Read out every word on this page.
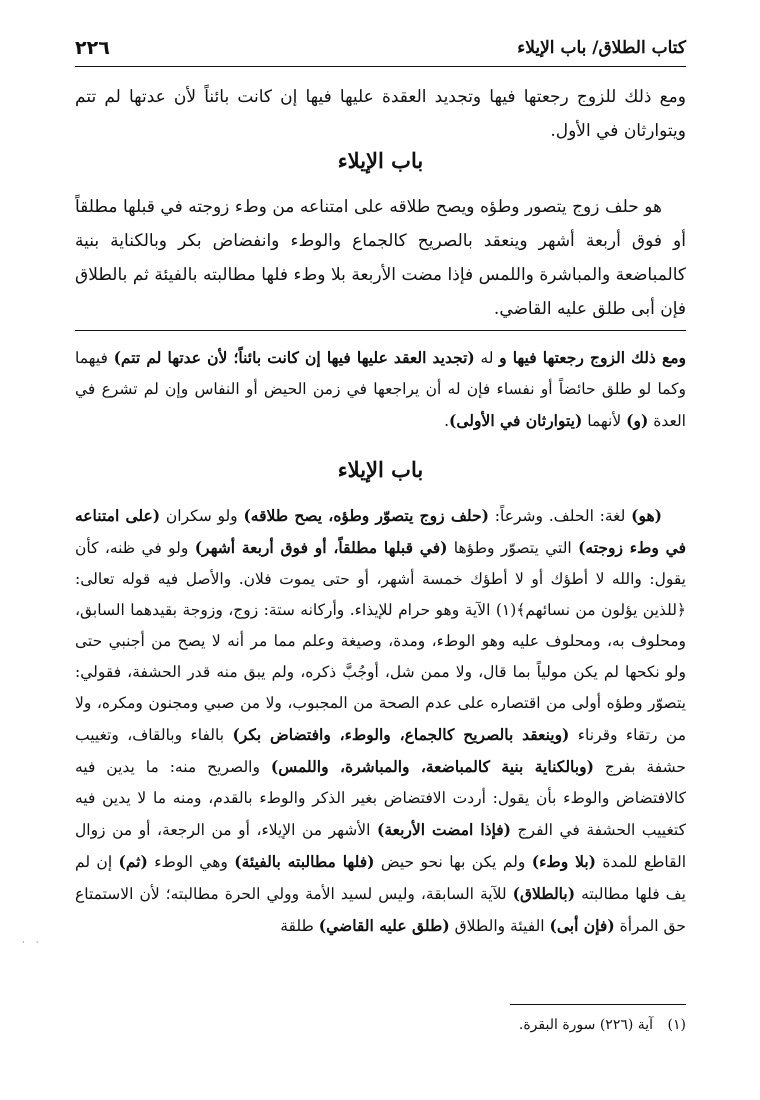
كتاب الطلاق/ باب الإيلاء
٢٢٦

ومع ذلك للزوج رجعتها فيها وتجديد العقدة عليها فيها إن كانت بائناً لأن عدتها لم تتم ويتوارثان في الأول.

باب الإيلاء

هو حلف زوج يتصور وطؤه ويصح طلاقه على امتناعه من وطء زوجته في قبلها مطلقاً أو فوق أربعة أشهر وينعقد بالصريح كالجماع والوطء وانفضاض بكر وبالكناية بنية كالمباضعة والمباشرة واللمس فإذا مضت الأربعة بلا وطء فلها مطالبته بالفيئة ثم بالطلاق فإن أبى طلق عليه القاضي.

ومع ذلك الزوج رجعتها فيها و له (تجديد العقد عليها فيها إن كانت بائناً؛ لأن عدتها لم تتم) فيهما وكما لو طلق حائضاً أو نفساء فإن له أن يراجعها في زمن الحيض أو النفاس وإن لم تشرع في العدة (و) لأنهما (يتوارثان في الأولى).

باب الإيلاء

(هو) لغة: الحلف. وشرعاً: (حلف زوج يتصوّر وطؤه، يصح طلاقه) ولو سكران (على امتناعه في وطء زوجته) التي يتصوّر وطؤها (في قبلها مطلقاً، أو فوق أربعة أشهر) ولو في ظنه، كأن يقول: والله لا أطؤك أو لا أطؤك خمسة أشهر، أو حتى يموت فلان. والأصل فيه قوله تعالى: ﴿للذين يؤلون من نسائهم﴾(١) الآية وهو حرام للإيذاء. وأركانه ستة: زوج، وزوجة بقيدهما السابق، ومحلوف به، ومحلوف عليه وهو الوطء، ومدة، وصيغة وعلم مما مر أنه لا يصح من أجنبي حتى ولو نكحها لم يكن مولياً بما قال، ولا ممن شل، أوجُبَّ ذكره، ولم يبق منه قدر الحشفة، فقولي: يتصوّر وطؤه أولى من اقتصاره على عدم الصحة من المجبوب، ولا من صبي ومجنون ومكره، ولا من رتقاء وقرناء (وينعقد بالصريح كالجماع، والوطء، وافتضاض بكر) بالفاء وبالقاف، وتغييب حشفة بفرج (وبالكناية بنية كالمباضعة، والمباشرة، واللمس) والصريح منه: ما يدين فيه كالافتضاض والوطء بأن يقول: أردت الافتضاض بغير الذكر والوطء بالقدم، ومنه ما لا يدين فيه كتغييب الحشفة في الفرج (فإذا امضت الأربعة) الأشهر من الإيلاء، أو من الرجعة، أو من زوال القاطع للمدة (بلا وطء) ولم يكن بها نحو حيض (فلها مطالبته بالفيئة) وهي الوطء (ثم) إن لم يف فلها مطالبته (بالطلاق) للآية السابقة، وليس لسيد الأمة وولي الحرة مطالبته؛ لأن الاستمتاع حق المرأة (فإن أبى) الفيئة والطلاق (طلق عليه القاضي) طلقة

(١) آية (٢٢٦) سورة البقرة.
· ·
